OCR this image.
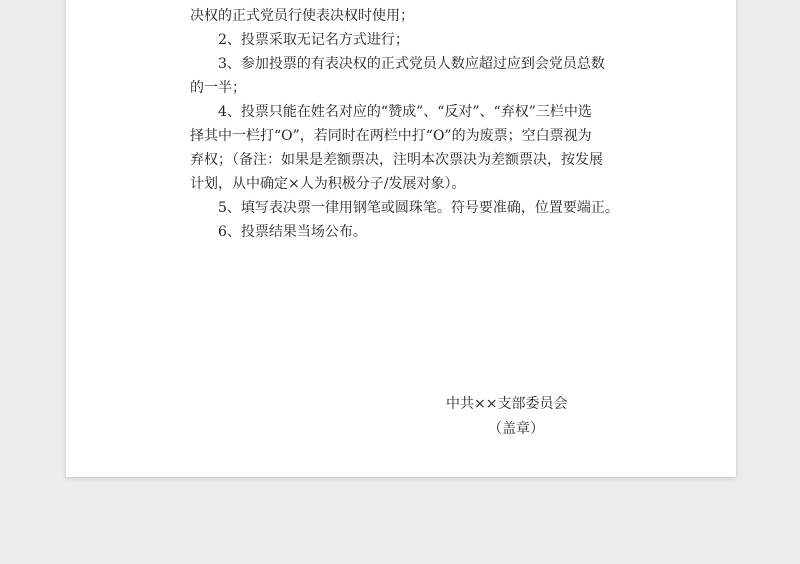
决权的正式党员行使表决权时使用；
2、投票采取无记名方式进行；
3、参加投票的有表决权的正式党员人数应超过应到会党员总数
的一半；
4、投票只能在姓名对应的“赞成”、“反对”、“弃权”三栏中选
择其中一栏打“O”，若同时在两栏中打“O”的为废票；空白票视为
弃权；（备注：如果是差额票决，注明本次票决为差额票决，按发展
计划，从中确定×人为积极分子/发展对象）。
5、填写表决票一律用钢笔或圆珠笔。符号要准确，位置要端正。
6、投票结果当场公布。
中共××支部委员会
（盖章）
